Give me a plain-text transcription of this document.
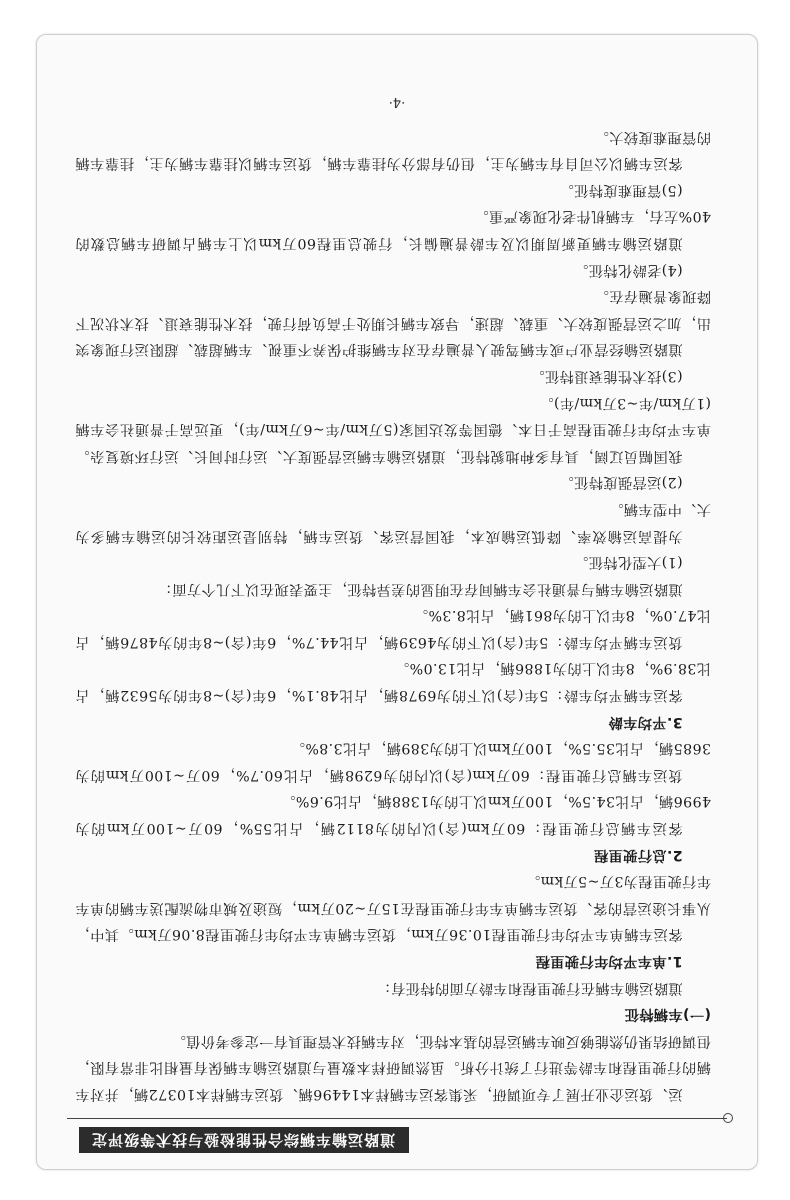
道路运输车辆综合性能检验与技术等级评定

运、货运企业开展了专项调研，采集客运车辆样本14496辆、货运车辆样本10372辆，并对车辆的行驶里程和车龄等进行了统计分析。虽然调研样本数量与道路运输车辆保有量相比非常有限，但调研结果仍然能够反映车辆运营的基本特征，对车辆技术管理具有一定参考价值。

(一)车辆特征

道路运输车辆在行驶里程和车龄方面的特征有：

1.单车平均年行驶里程

客运车辆单车平均年行驶里程10.36万km，货运车辆单车平均年行驶里程8.06万km。其中，从事长途运营的客、货运车辆单车年行驶里程在15万~20万km，短途及城市物流配送车辆的单车年行驶里程为3万~5万km。

2.总行驶里程

客运车辆总行驶里程：60万km(含)以内的为8112辆，占比55%，60万~100万km的为4996辆，占比34.5%，100万km以上的为1388辆，占比9.6%。

货运车辆总行驶里程：60万km(含)以内的为6298辆，占比60.7%，60万~100万km的为3685辆，占比35.5%，100万km以上的为389辆，占比3.8%。

3.平均车龄

客运车辆平均车龄：5年(含)以下的为6978辆，占比48.1%，6年(含)~8年的为5632辆，占比38.9%，8年以上的为1886辆，占比13.0%。

货运车辆平均车龄：5年(含)以下的为4639辆，占比44.7%，6年(含)~8年的为4876辆，占比47.0%，8年以上的为861辆，占比8.3%。

道路运输车辆与普通社会车辆间存在明显的差异特征，主要表现在以下几个方面：

(1)大型化特征。

为提高运输效率、降低运输成本，我国营运客、货运车辆，特别是运距较长的运输车辆多为大、中型车辆。

(2)运营强度特征。

我国幅员辽阔，具有多种地貌特征，道路运输车辆运营强度大、运行时间长、运行环境复杂。单车平均年行驶里程高于日本、德国等发达国家(5万km/年~6万km/年)，更远高于普通社会车辆(1万km/年~3万km/年)。

(3)技术性能衰退特征。

道路运输经营业户或车辆驾驶人普遍存在对车辆维护保养不重视、车辆超载、超限运行现象突出，加之运营强度较大、重载、超速，导致车辆长期处于高负荷行驶，技术性能衰退、技术状况下降现象普遍存在。

(4)老龄化特征。

道路运输车辆更新周期以及车龄普遍偏长，行驶总里程60万km以上车辆占调研车辆总数的40%左右，车辆机件老化现象严重。

(5)管理难度特征。

客运车辆以公司自有车辆为主，但仍有部分为挂靠车辆，货运车辆以挂靠车辆为主，挂靠车辆的管理难度较大。

·4·
